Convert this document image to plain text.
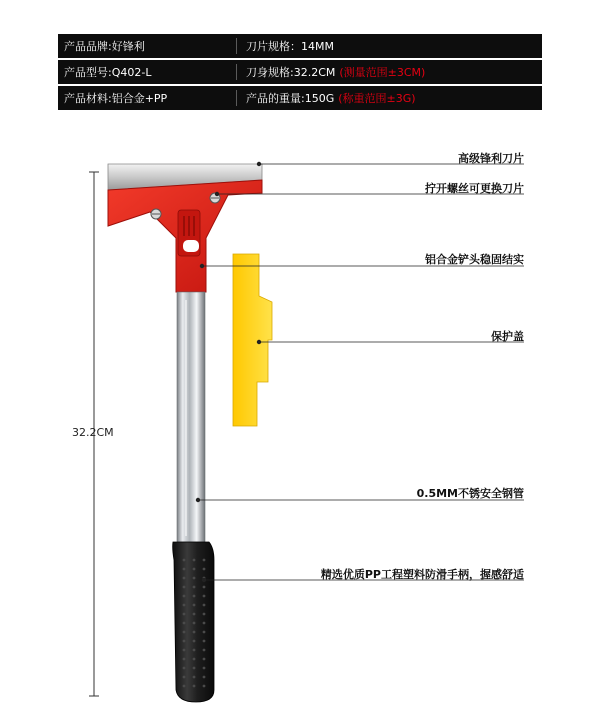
产品品牌:好锋利	刀片规格：14MM
产品型号:Q402-L	刀身规格:32.2CM (测量范围±3CM)
产品材料:铝合金+PP	产品的重量:150G (称重范围±3G)
高级锋利刀片
拧开螺丝可更换刀片
铝合金铲头稳固结实
保护盖
0.5MM不锈安全钢管
精选优质PP工程塑料防滑手柄，握感舒适
32.2CM
